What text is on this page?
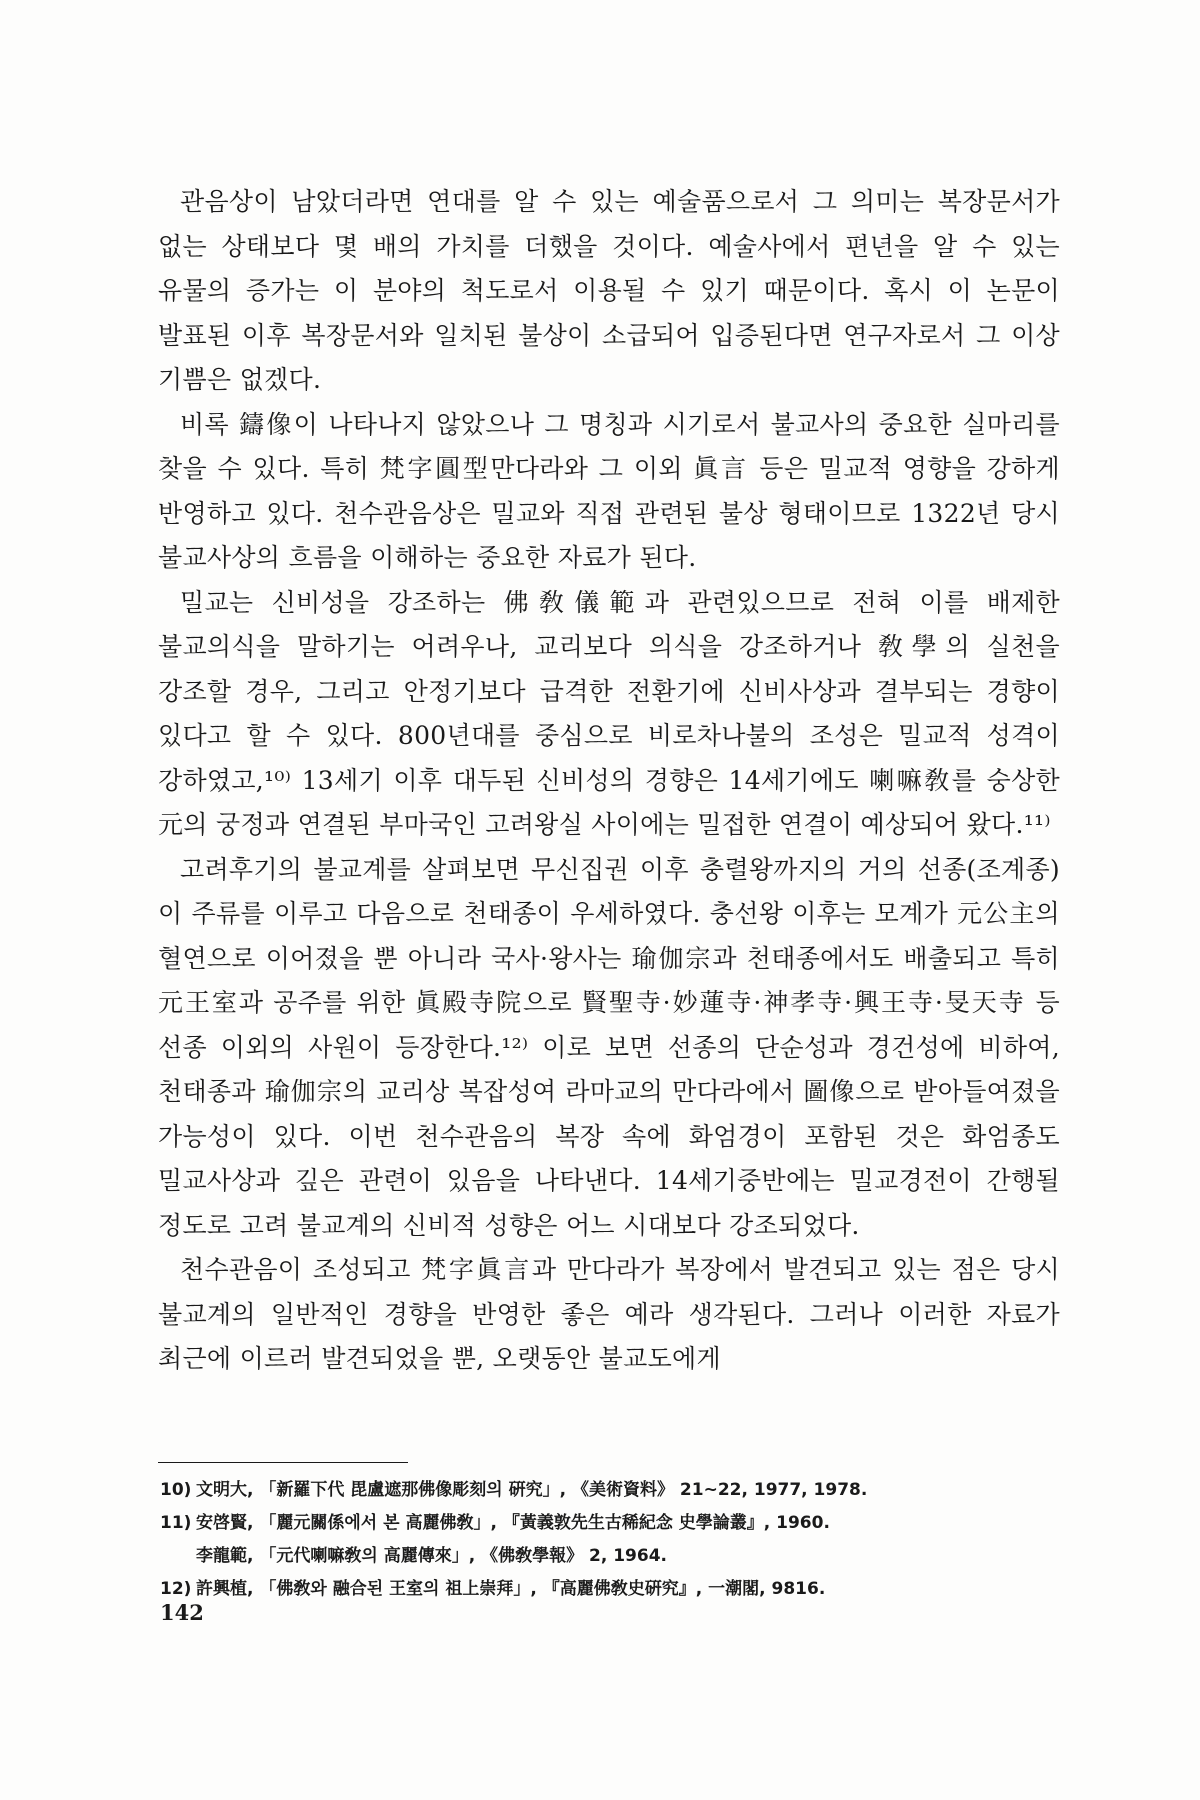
관음상이 남았더라면 연대를 알 수 있는 예술품으로서 그 의미는 복장문서가 없는 상태보다 몇 배의 가치를 더했을 것이다. 예술사에서 편년을 알 수 있는 유물의 증가는 이 분야의 척도로서 이용될 수 있기 때문이다. 혹시 이 논문이 발표된 이후 복장문서와 일치된 불상이 소급되어 입증된다면 연구자로서 그 이상 기쁨은 없겠다.

비록 鑄像이 나타나지 않았으나 그 명칭과 시기로서 불교사의 중요한 실마리를 찾을 수 있다. 특히 梵字圓型만다라와 그 이외 眞言 등은 밀교적 영향을 강하게 반영하고 있다. 천수관음상은 밀교와 직접 관련된 불상 형태이므로 1322년 당시 불교사상의 흐름을 이해하는 중요한 자료가 된다.

밀교는 신비성을 강조하는 佛敎儀範과 관련있으므로 전혀 이를 배제한 불교의식을 말하기는 어려우나, 교리보다 의식을 강조하거나 敎學의 실천을 강조할 경우, 그리고 안정기보다 급격한 전환기에 신비사상과 결부되는 경향이 있다고 할 수 있다. 800년대를 중심으로 비로차나불의 조성은 밀교적 성격이 강하였고,¹⁰⁾ 13세기 이후 대두된 신비성의 경향은 14세기에도 喇嘛敎를 숭상한 元의 궁정과 연결된 부마국인 고려왕실 사이에는 밀접한 연결이 예상되어 왔다.¹¹⁾

고려후기의 불교계를 살펴보면 무신집권 이후 충렬왕까지의 거의 선종(조계종)이 주류를 이루고 다음으로 천태종이 우세하였다. 충선왕 이후는 모계가 元公主의 혈연으로 이어졌을 뿐 아니라 국사·왕사는 瑜伽宗과 천태종에서도 배출되고 특히 元王室과 공주를 위한 眞殿寺院으로 賢聖寺·妙蓮寺·神孝寺·興王寺·旻天寺 등 선종 이외의 사원이 등장한다.¹²⁾ 이로 보면 선종의 단순성과 경건성에 비하여, 천태종과 瑜伽宗의 교리상 복잡성여 라마교의 만다라에서 圖像으로 받아들여졌을 가능성이 있다. 이번 천수관음의 복장 속에 화엄경이 포함된 것은 화엄종도 밀교사상과 깊은 관련이 있음을 나타낸다. 14세기중반에는 밀교경전이 간행될 정도로 고려 불교계의 신비적 성향은 어느 시대보다 강조되었다.

천수관음이 조성되고 梵字眞言과 만다라가 복장에서 발견되고 있는 점은 당시 불교계의 일반적인 경향을 반영한 좋은 예라 생각된다. 그러나 이러한 자료가 최근에 이르러 발견되었을 뿐, 오랫동안 불교도에게

10) 文明大, 「新羅下代 毘盧遮那佛像彫刻의 硏究」, 《美術資料》 21~22, 1977, 1978.
11) 安啓賢, 「麗元關係에서 본 高麗佛敎」, 『黃義敦先生古稀紀念 史學論叢』, 1960.
李龍範, 「元代喇嘛敎의 高麗傳來」, 《佛敎學報》 2, 1964.
12) 許興植, 「佛敎와 融合된 王室의 祖上崇拜」, 『高麗佛敎史硏究』, 一潮閣, 9816.
142
